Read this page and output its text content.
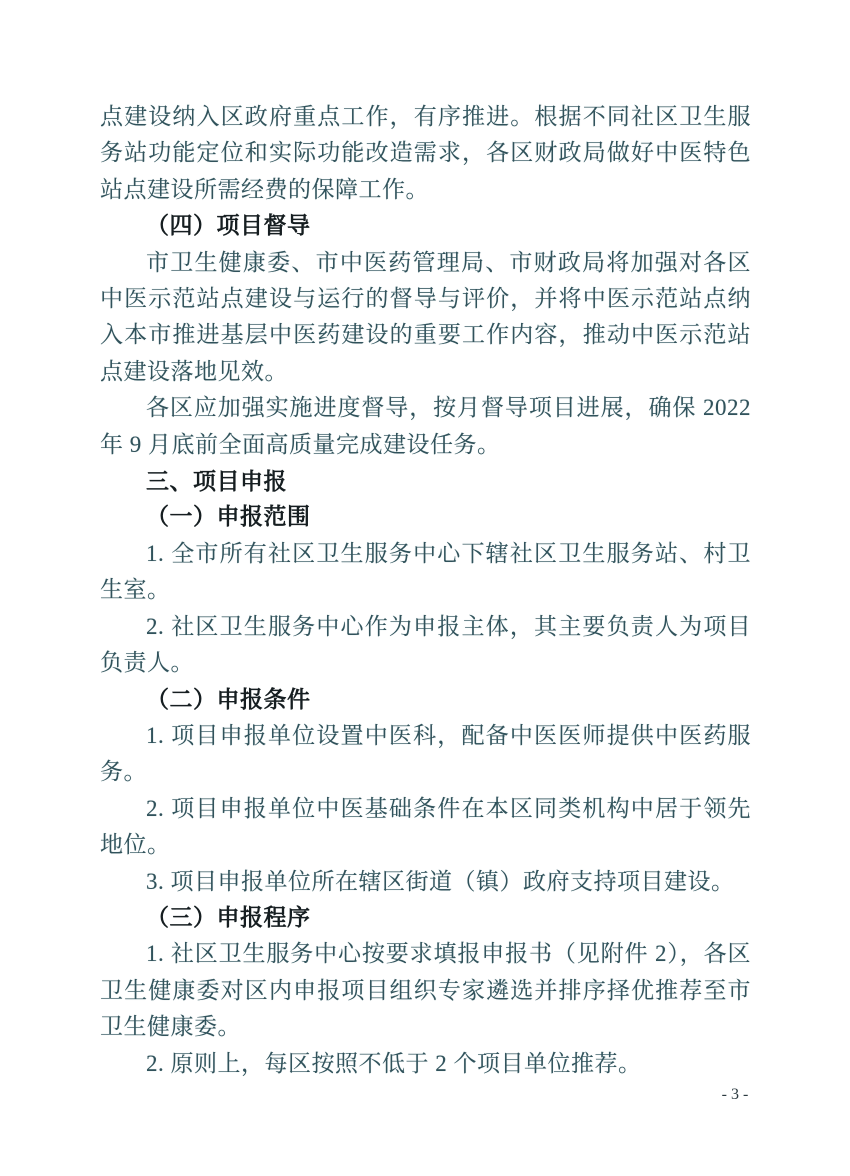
点建设纳入区政府重点工作，有序推进。根据不同社区卫生服务站功能定位和实际功能改造需求，各区财政局做好中医特色站点建设所需经费的保障工作。
（四）项目督导
市卫生健康委、市中医药管理局、市财政局将加强对各区中医示范站点建设与运行的督导与评价，并将中医示范站点纳入本市推进基层中医药建设的重要工作内容，推动中医示范站点建设落地见效。
各区应加强实施进度督导，按月督导项目进展，确保 2022 年 9 月底前全面高质量完成建设任务。
三、项目申报
（一）申报范围
1. 全市所有社区卫生服务中心下辖社区卫生服务站、村卫生室。
2. 社区卫生服务中心作为申报主体，其主要负责人为项目负责人。
（二）申报条件
1. 项目申报单位设置中医科，配备中医医师提供中医药服务。
2. 项目申报单位中医基础条件在本区同类机构中居于领先地位。
3. 项目申报单位所在辖区街道（镇）政府支持项目建设。
（三）申报程序
1. 社区卫生服务中心按要求填报申报书（见附件 2），各区卫生健康委对区内申报项目组织专家遴选并排序择优推荐至市卫生健康委。
2. 原则上，每区按照不低于 2 个项目单位推荐。
- 3 -
